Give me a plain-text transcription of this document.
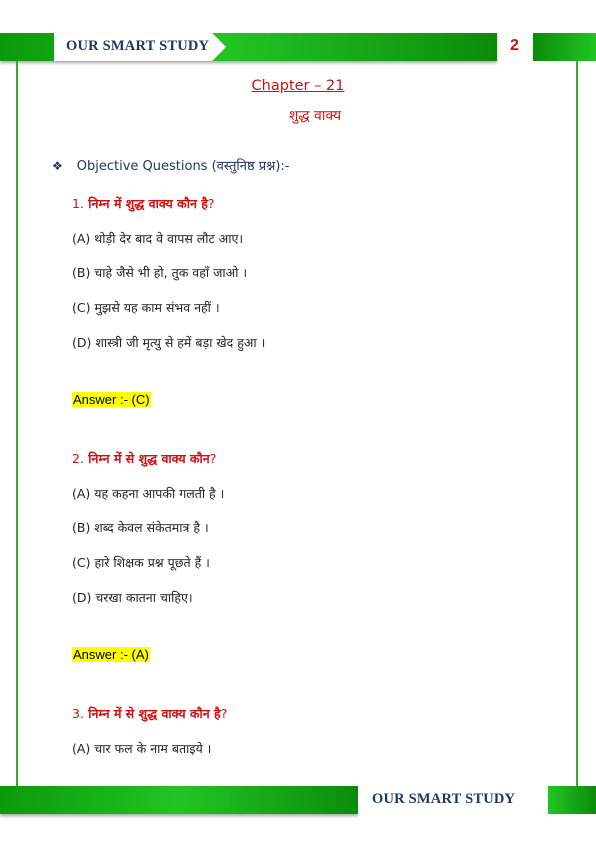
OUR SMART STUDY	2
Chapter – 21
शुद्ध वाक्य
❖ Objective Questions (वस्तुनिष्ठ प्रश्न):-
1. निम्न में शुद्ध वाक्य कौन है?
(A) थोड़ी देर बाद वे वापस लौट आए।
(B) चाहे जैसे भी हो, तुक वहाँ जाओ ।
(C) मुझसे यह काम संभव नहीं ।
(D) शास्त्री जी मृत्यु से हमें बड़ा खेद हुआ ।
Answer :- (C)
2. निम्न में से शुद्ध वाक्य कौन?
(A) यह कहना आपकी गलती है ।
(B) शब्द केवल संकेतमात्र है ।
(C) हारे शिक्षक प्रश्न पूछते हैं ।
(D) चरखा कातना चाहिए।
Answer :- (A)
3. निम्न में से शुद्ध वाक्य कौन है?
(A) चार फल के नाम बताइये ।
OUR SMART STUDY
